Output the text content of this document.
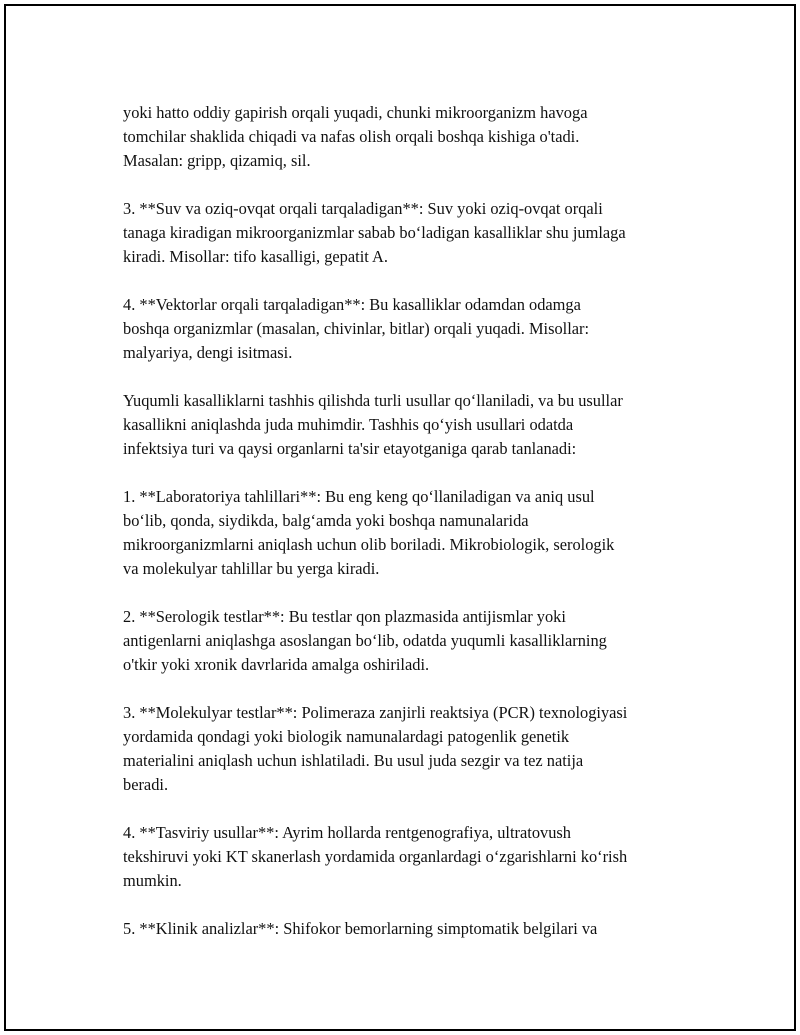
yoki hatto oddiy gapirish orqali yuqadi, chunki mikroorganizm havoga
tomchilar shaklida chiqadi va nafas olish orqali boshqa kishiga o'tadi.
Masalan: gripp, qizamiq, sil.

3. **Suv va oziq-ovqat orqali tarqaladigan**: Suv yoki oziq-ovqat orqali
tanaga kiradigan mikroorganizmlar sabab bo‘ladigan kasalliklar shu jumlaga
kiradi. Misollar: tifo kasalligi, gepatit A.

4. **Vektorlar orqali tarqaladigan**: Bu kasalliklar odamdan odamga
boshqa organizmlar (masalan, chivinlar, bitlar) orqali yuqadi. Misollar:
malyariya, dengi isitmasi.

Yuqumli kasalliklarni tashhis qilishda turli usullar qo‘llaniladi, va bu usullar
kasallikni aniqlashda juda muhimdir. Tashhis qo‘yish usullari odatda
infektsiya turi va qaysi organlarni ta'sir etayotganiga qarab tanlanadi:

1. **Laboratoriya tahlillari**: Bu eng keng qo‘llaniladigan va aniq usul
bo‘lib, qonda, siydikda, balg‘amda yoki boshqa namunalarida
mikroorganizmlarni aniqlash uchun olib boriladi. Mikrobiologik, serologik
va molekulyar tahlillar bu yerga kiradi.

2. **Serologik testlar**: Bu testlar qon plazmasida antijismlar yoki
antigenlarni aniqlashga asoslangan bo‘lib, odatda yuqumli kasalliklarning
o'tkir yoki xronik davrlarida amalga oshiriladi.

3. **Molekulyar testlar**: Polimeraza zanjirli reaktsiya (PCR) texnologiyasi
yordamida qondagi yoki biologik namunalardagi patogenlik genetik
materialini aniqlash uchun ishlatiladi. Bu usul juda sezgir va tez natija
beradi.

4. **Tasviriy usullar**: Ayrim hollarda rentgenografiya, ultratovush
tekshiruvi yoki KT skanerlash yordamida organlardagi o‘zgarishlarni ko‘rish
mumkin.

5. **Klinik analizlar**: Shifokor bemorlarning simptomatik belgilari va
